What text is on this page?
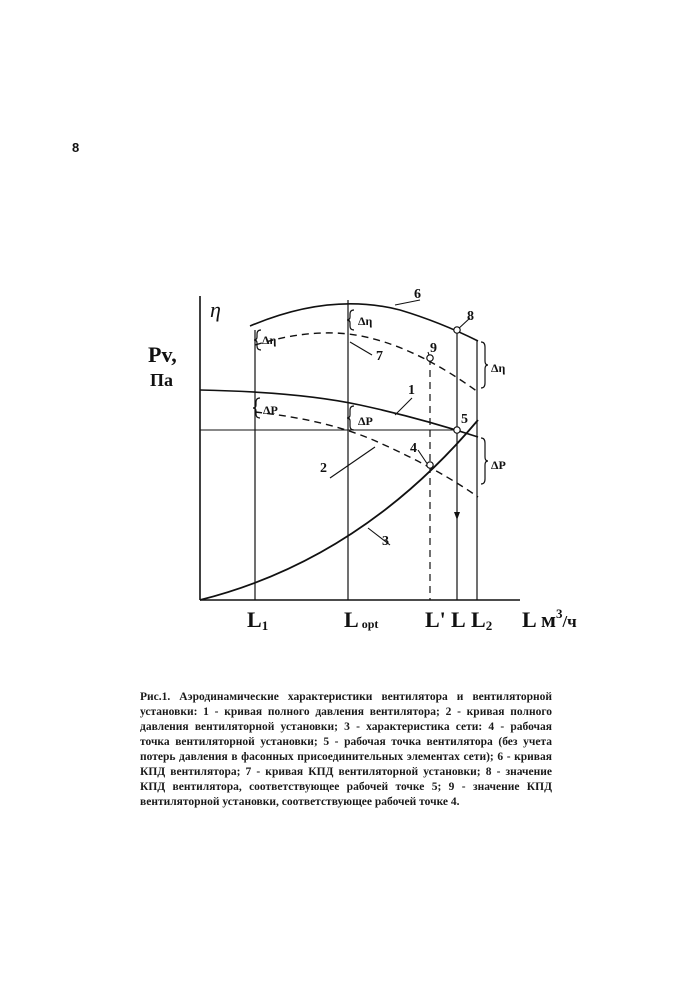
8
η
Pv,
Па
6
8
9
7
1
5
4
2
3
Δη
Δη
Δη
ΔP
ΔP
ΔP
L1	Lopt L' L L2 L $м^3_{/ч}$
Рис.1. Аэродинамические характеристики вентилятора и вентиляторной установки: 1 - кривая полного давления вентилятора; 2 - кривая полного давления вентиляторной установки; 3 - характеристика сети: 4 - рабочая точка вентиляторной установки; 5 - рабочая точка вентилятора (без учета потерь давления в фасонных присоединительных элементах сети); 6 - кривая КПД вентилятора; 7 - кривая КПД вентиляторной установки; 8 - значение КПД вентилятора, соответствующее рабочей точке 5; 9 - значение КПД вентиляторной установки, соответствующее рабочей точке 4.
